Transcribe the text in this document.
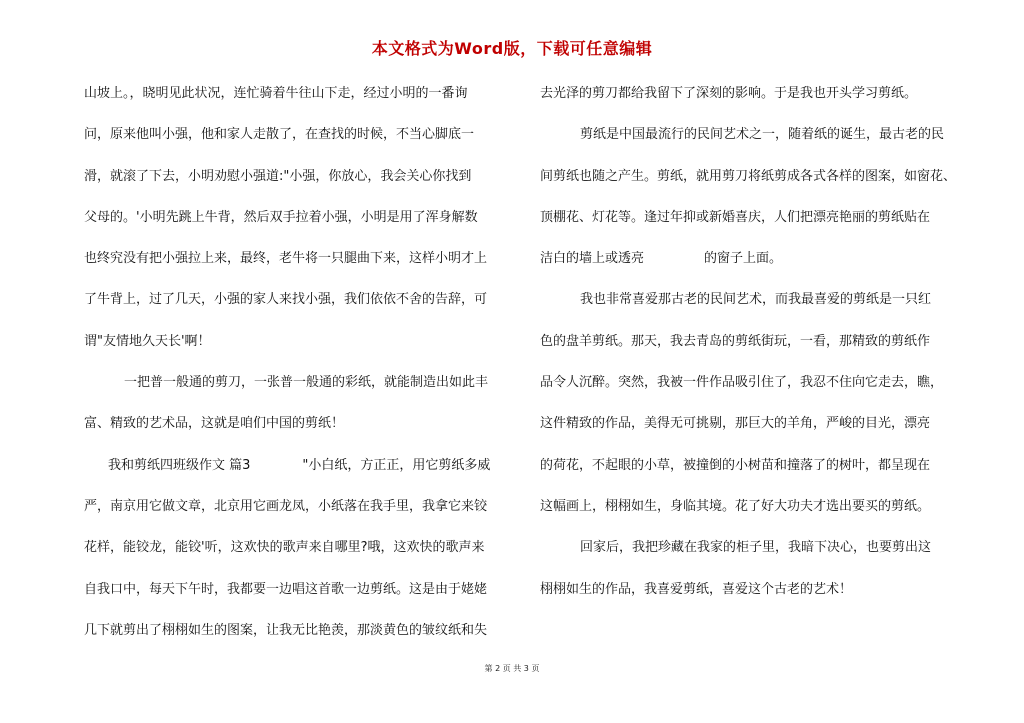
本文格式为Word版，下载可任意编辑
山坡上。，晓明见此状况，连忙骑着牛往山下走，经过小明的一番询
问，原来他叫小强，他和家人走散了，在查找的时候，不当心脚底一
滑，就滚了下去，小明劝慰小强道:"小强，你放心，我会关心你找到
父母的。'小明先跳上牛背，然后双手拉着小强，小明是用了浑身解数
也终究没有把小强拉上来，最终，老牛将一只腿曲下来，这样小明才上
了牛背上，过了几天，小强的家人来找小强，我们依依不舍的告辞，可
谓"友情地久天长'啊！
一把普一般通的剪刀，一张普一般通的彩纸，就能制造出如此丰
富、精致的艺术品，这就是咱们中国的剪纸！
我和剪纸四班级作文 篇3	"小白纸，方正正，用它剪纸多威
严，南京用它做文章，北京用它画龙凤，小纸落在我手里，我拿它来铰
花样，能铰龙，能铰'听，这欢快的歌声来自哪里?哦，这欢快的歌声来
自我口中，每天下午时，我都要一边唱这首歌一边剪纸。这是由于姥姥
几下就剪出了栩栩如生的图案，让我无比艳羡，那淡黄色的皱纹纸和失
去光泽的剪刀都给我留下了深刻的影响。于是我也开头学习剪纸。
剪纸是中国最流行的民间艺术之一，随着纸的诞生，最古老的民
间剪纸也随之产生。剪纸，就用剪刀将纸剪成各式各样的图案，如窗花、
顶棚花、灯花等。逢过年抑或新婚喜庆，人们把漂亮艳丽的剪纸贴在
洁白的墙上或透亮	的窗子上面。
我也非常喜爱那古老的民间艺术，而我最喜爱的剪纸是一只红
色的盘羊剪纸。那天，我去青岛的剪纸街玩，一看，那精致的剪纸作
品令人沉醉。突然，我被一件作品吸引住了，我忍不住向它走去，瞧，
这件精致的作品，美得无可挑剔，那巨大的羊角，严峻的目光，漂亮
的荷花，不起眼的小草，被撞倒的小树苗和撞落了的树叶，都呈现在
这幅画上，栩栩如生，身临其境。花了好大功夫才选出要买的剪纸。
回家后，我把珍藏在我家的柜子里，我暗下决心，也要剪出这
栩栩如生的作品，我喜爱剪纸，喜爱这个古老的艺术！
第 2 页 共 3 页
